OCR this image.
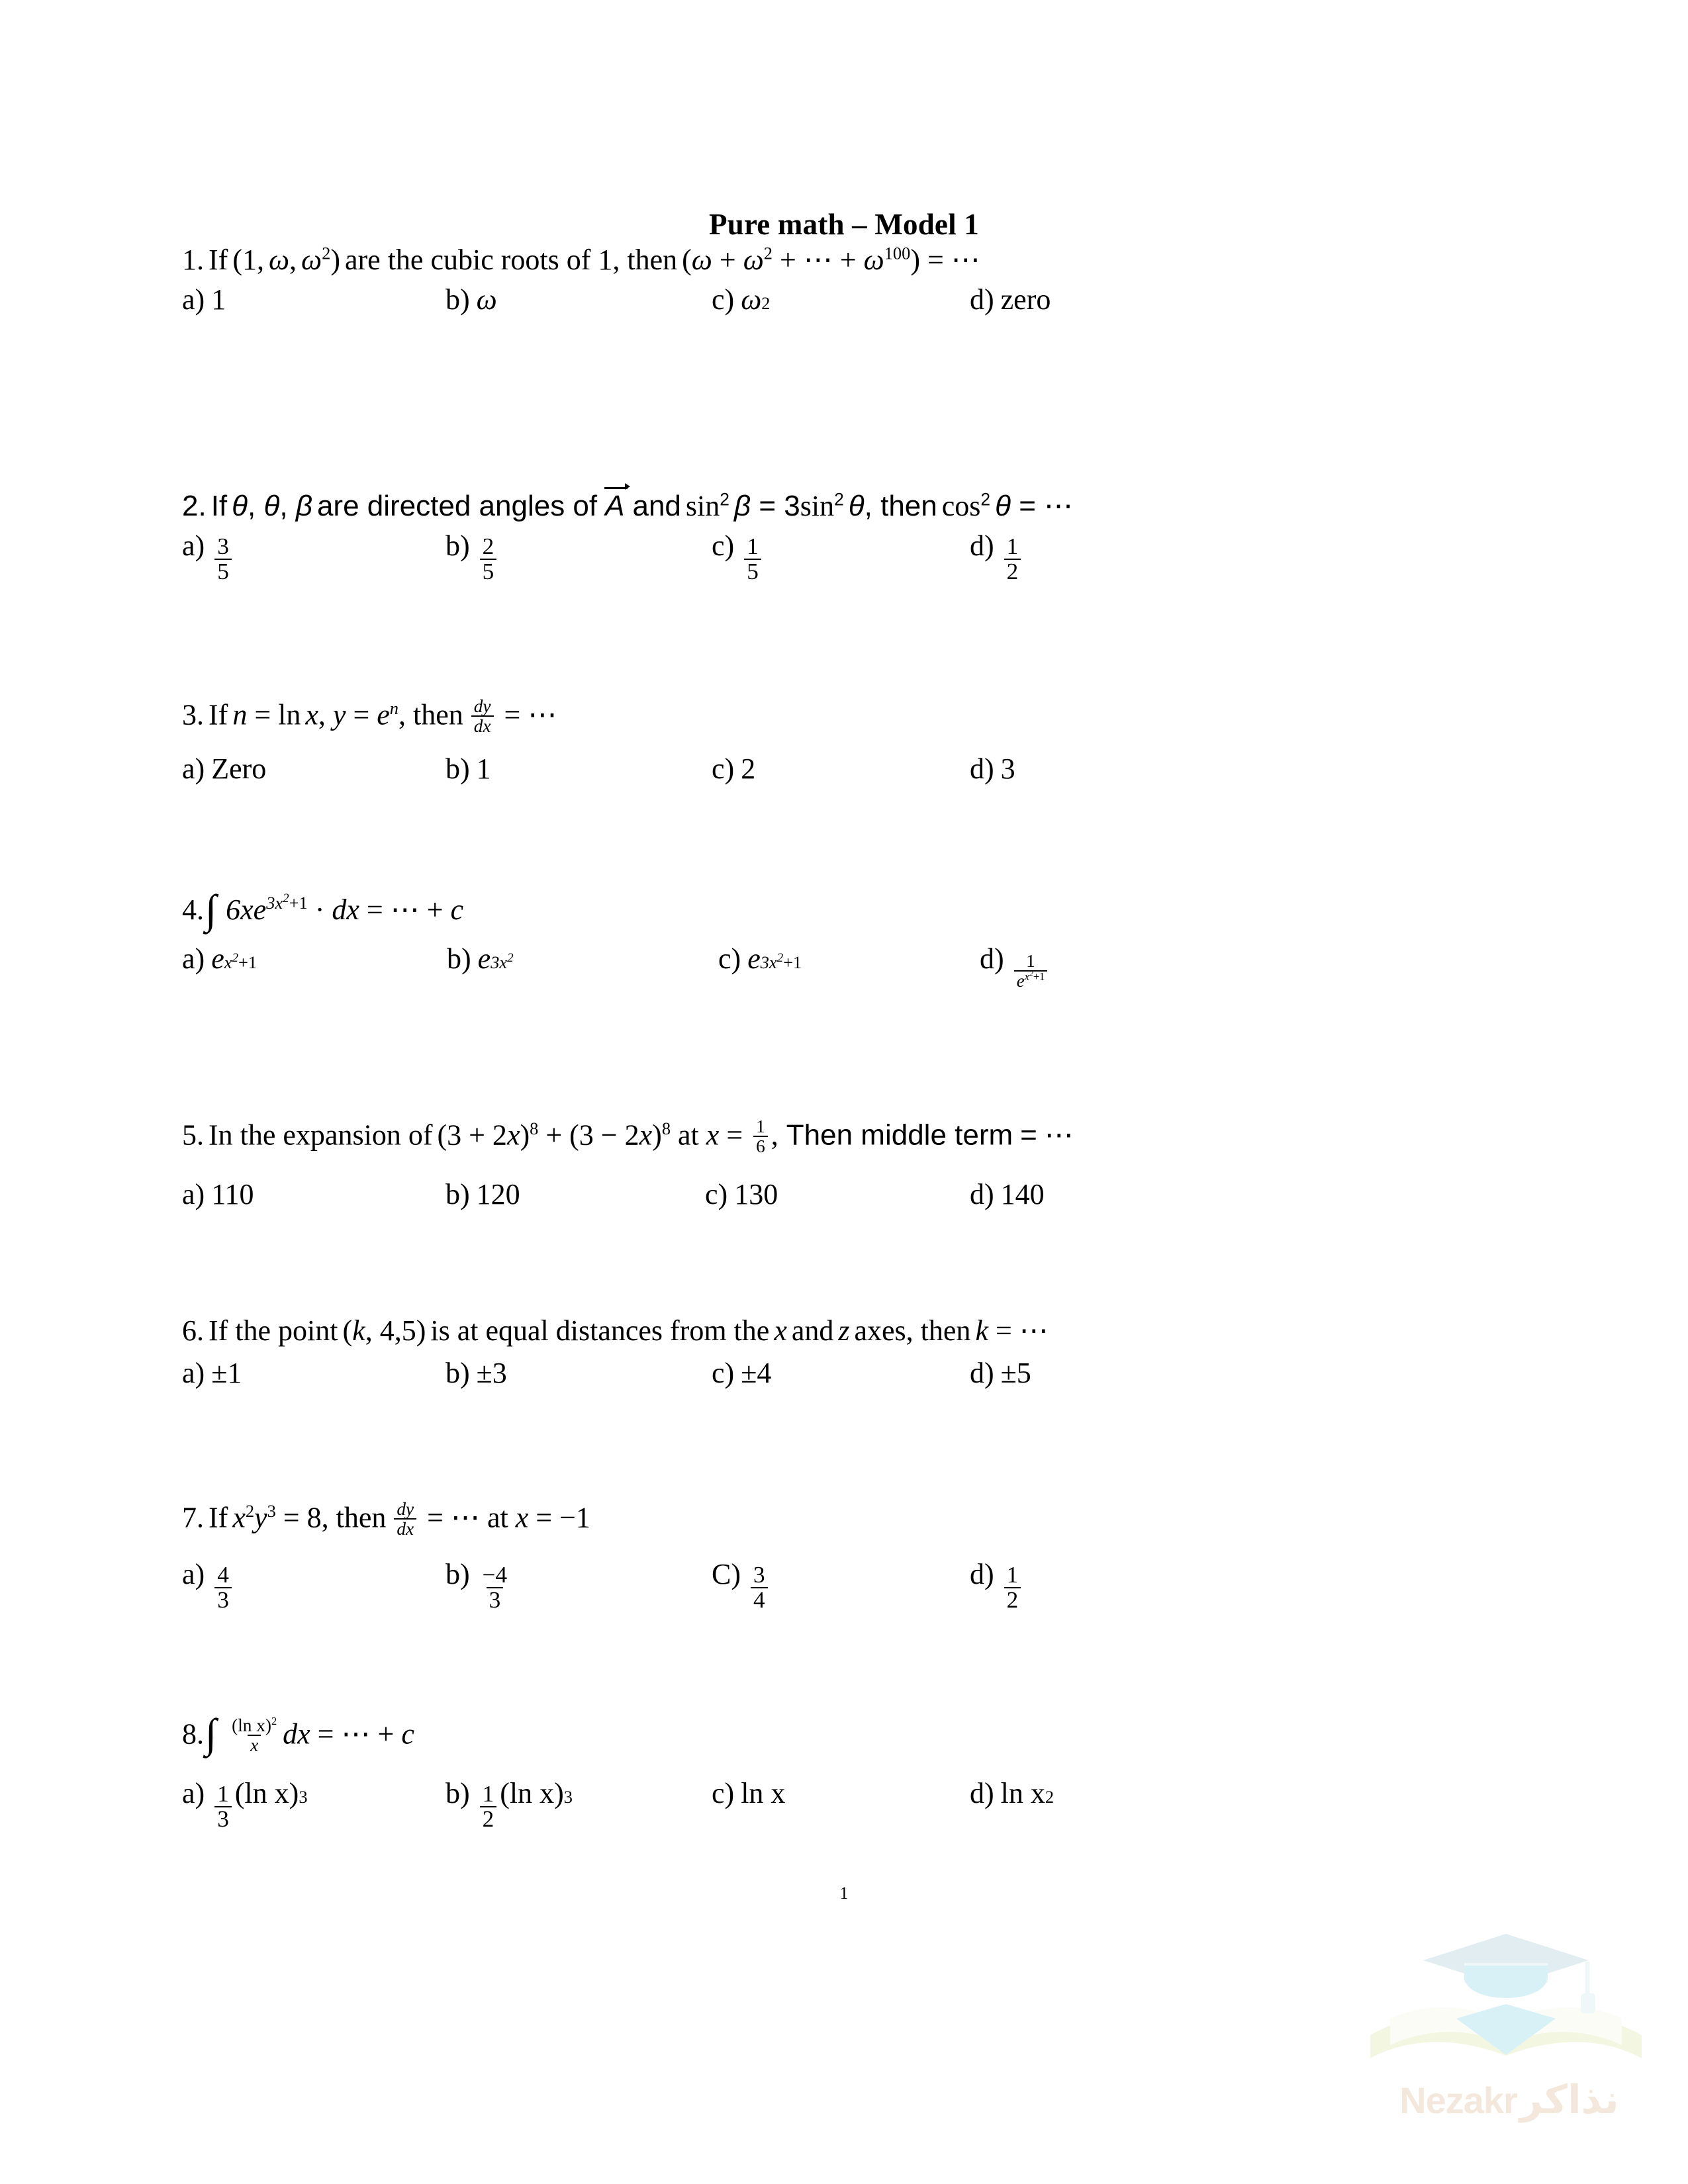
Pure math – Model 1
1. If (1, ω, $\omega^2$) are the cubic roots of 1, then ($\omega + \omega^2$ + ⋯ + $\omega^{100}$) = ⋯
a) 1	b) ω	c) ω 2	d) zero
2. If θ, θ, β are directed angles of A and $\sin^2 \beta = 3\sin^2$ θ, then $\cos^2 \theta$ = ⋯
$a) \frac{3}{5}$	$b) \frac{2}{5}$	$c) \frac{1}{5}$	$d) \frac{1}{2}$
3. If n = ln x, $y = e^n$, then $\frac{dy}{dx}$ = ⋯
a) Zero	b) 1	c) 2	d) 3
4.∫ $6xe^{3x^2+1}$ · dx = ⋯ + c
a) e $x^2+1$	b) e $3x^2$	c) e $3x^2+1$	$d) \frac{1}{e^{x^2+1}}$
5. In the expansion of $(3 + 2x)^8 + (3 - 2x)^8$ at $x = \frac{1}{6}$ , Then middle term = ⋯
a) 110	b) 120	c) 130	d) 140
6. If the point (k, 4,5) is at equal distances from the x and z axes, then k = ⋯
a) ±1	b) ±3	c) ±4	d) ±5
7. If $x^2y^3 = 8$, then $\frac{dy}{dx}$ = ⋯ at x = −1
$a) \frac{4}{3}$	$b) \frac{-4}{3}$	$C) \frac{3}{4}$	$d) \frac{1}{2}$
$8.\int \frac{(\ln x)^2}{x}$ dx = ⋯ + c
$a) \frac{1}{3} (\ln$ x) 3	$b) \frac{1}{2} (\ln$ x) 3	c) ln x	d) ln x 2
1
Nezakrنذاكر
